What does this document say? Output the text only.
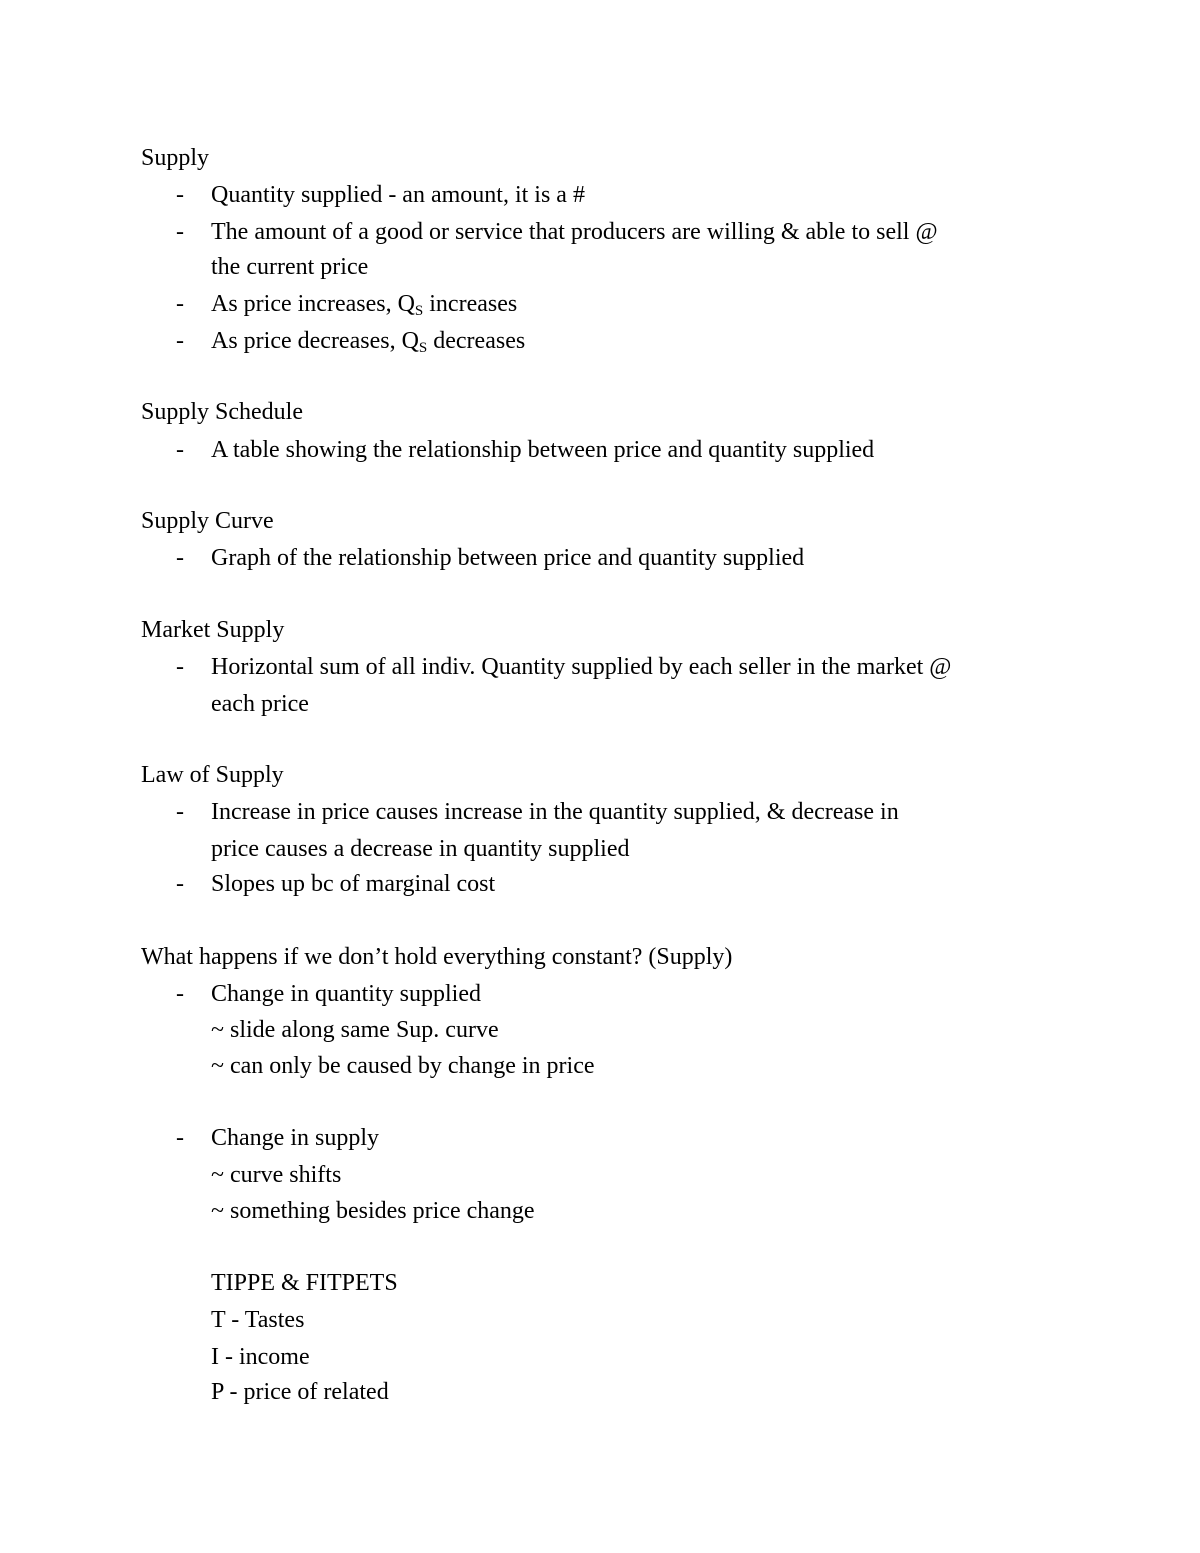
Supply
- Quantity supplied - an amount, it is a #
- The amount of a good or service that producers are willing & able to sell @
the current price
- As price increases, $Q_S$ increases
- As price decreases, $Q_S$ decreases
Supply Schedule
- A table showing the relationship between price and quantity supplied
Supply Curve
- Graph of the relationship between price and quantity supplied
Market Supply
- Horizontal sum of all indiv. Quantity supplied by each seller in the market @
each price
Law of Supply
- Increase in price causes increase in the quantity supplied, & decrease in
price causes a decrease in quantity supplied
- Slopes up bc of marginal cost
What happens if we don’t hold everything constant? (Supply)
- Change in quantity supplied
~ slide along same Sup. curve
~ can only be caused by change in price
- Change in supply
~ curve shifts
~ something besides price change
TIPPE & FITPETS
T - Tastes
I - income
P - price of related
